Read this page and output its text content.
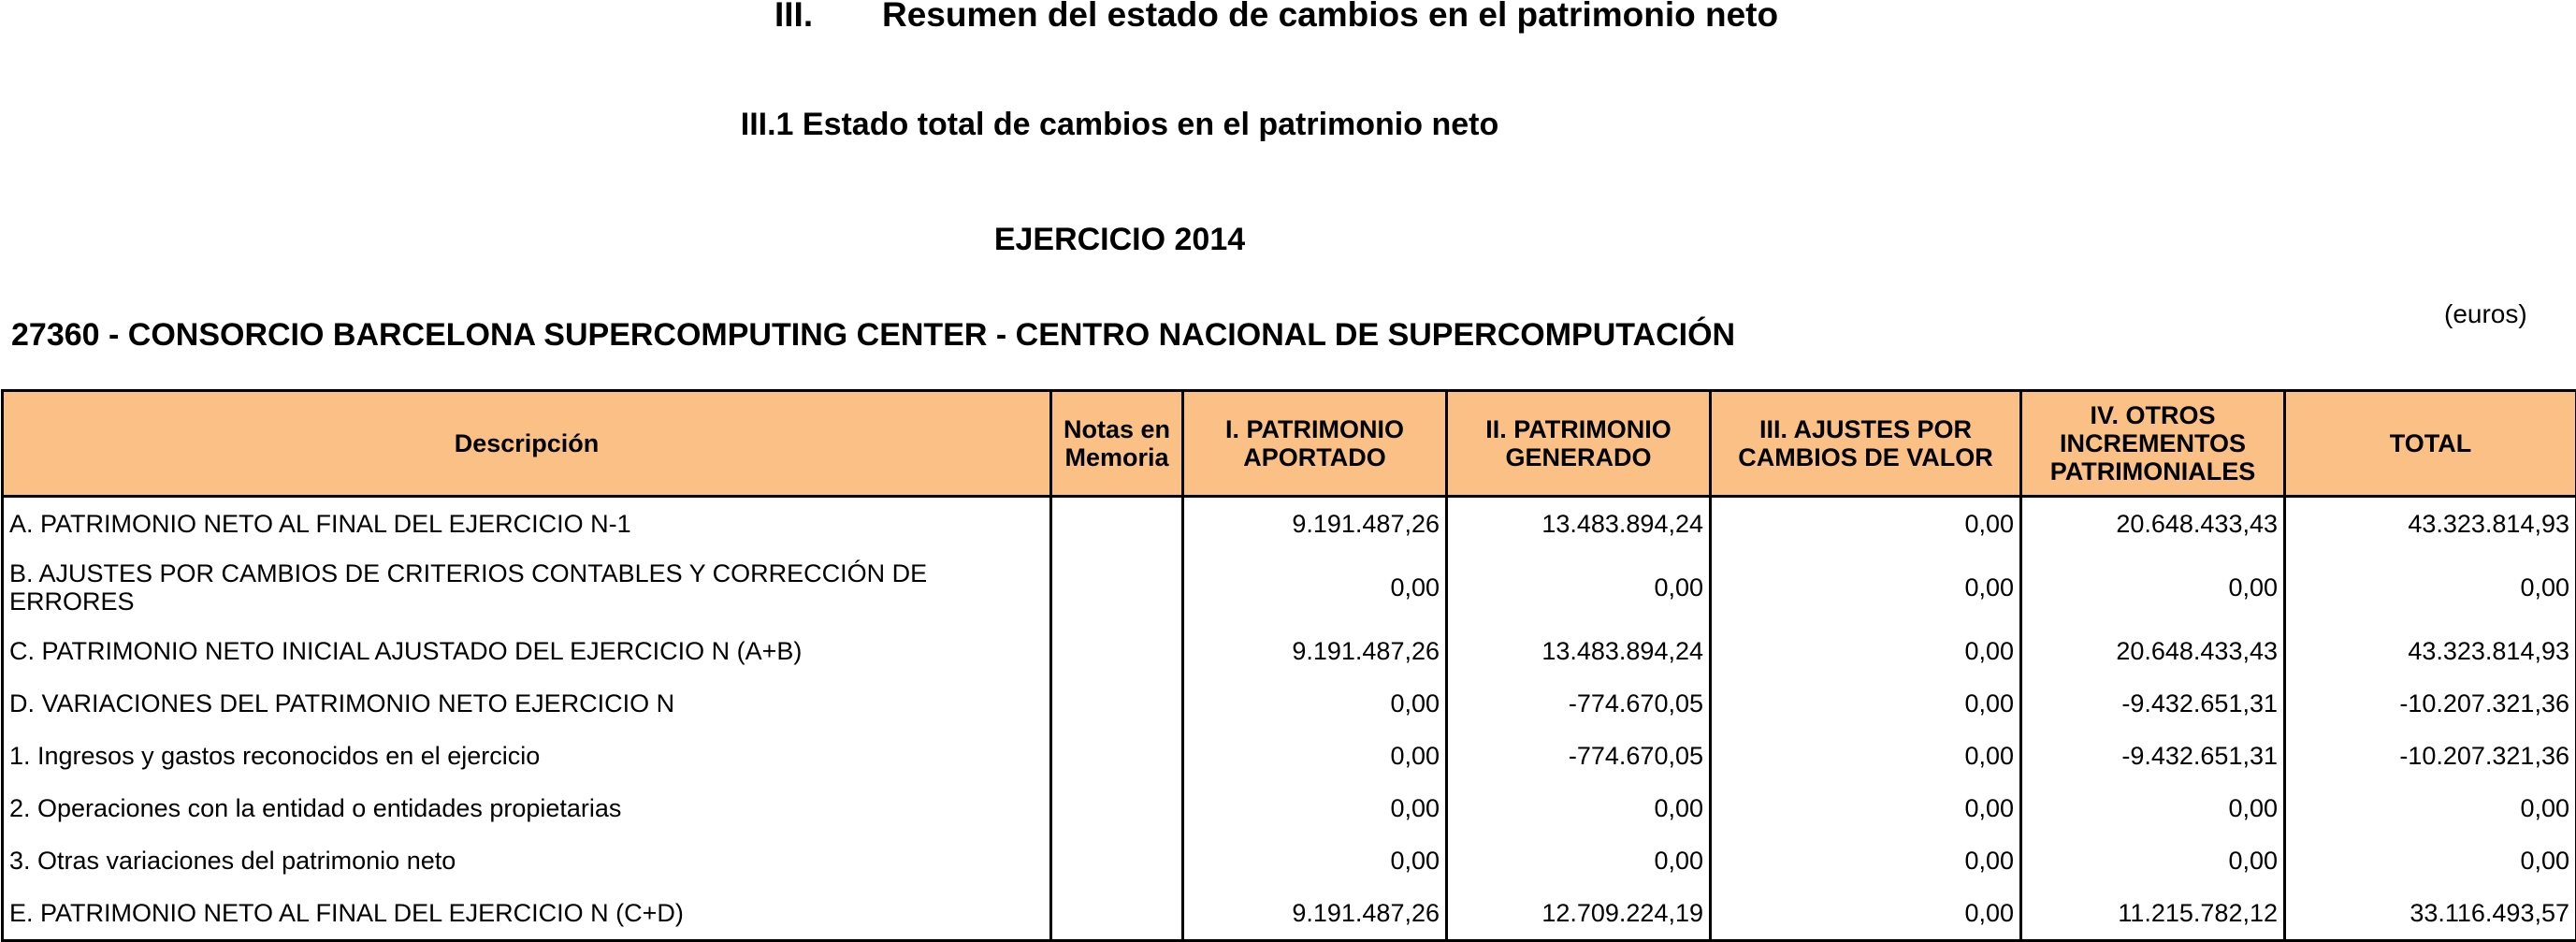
III. Resumen del estado de cambios en el patrimonio neto
III.1 Estado total de cambios en el patrimonio neto
EJERCICIO 2014
27360 - CONSORCIO BARCELONA SUPERCOMPUTING CENTER - CENTRO NACIONAL DE SUPERCOMPUTACIÓN
(euros)
Descripción	Notas en Memoria	I. PATRIMONIO APORTADO	II. PATRIMONIO GENERADO	III. AJUSTES POR CAMBIOS DE VALOR	IV. OTROS INCREMENTOS PATRIMONIALES	TOTAL
A. PATRIMONIO NETO AL FINAL DEL EJERCICIO N-1		9.191.487,26	13.483.894,24	0,00	20.648.433,43	43.323.814,93
B. AJUSTES POR CAMBIOS DE CRITERIOS CONTABLES Y CORRECCIÓN DE ERRORES		0,00	0,00	0,00	0,00	0,00
C. PATRIMONIO NETO INICIAL AJUSTADO DEL EJERCICIO N (A+B)		9.191.487,26	13.483.894,24	0,00	20.648.433,43	43.323.814,93
D. VARIACIONES DEL PATRIMONIO NETO EJERCICIO N		0,00	-774.670,05	0,00	-9.432.651,31	-10.207.321,36
1. Ingresos y gastos reconocidos en el ejercicio		0,00	-774.670,05	0,00	-9.432.651,31	-10.207.321,36
2. Operaciones con la entidad o entidades propietarias		0,00	0,00	0,00	0,00	0,00
3. Otras variaciones del patrimonio neto		0,00	0,00	0,00	0,00	0,00
E. PATRIMONIO NETO AL FINAL DEL EJERCICIO N (C+D)		9.191.487,26	12.709.224,19	0,00	11.215.782,12	33.116.493,57
